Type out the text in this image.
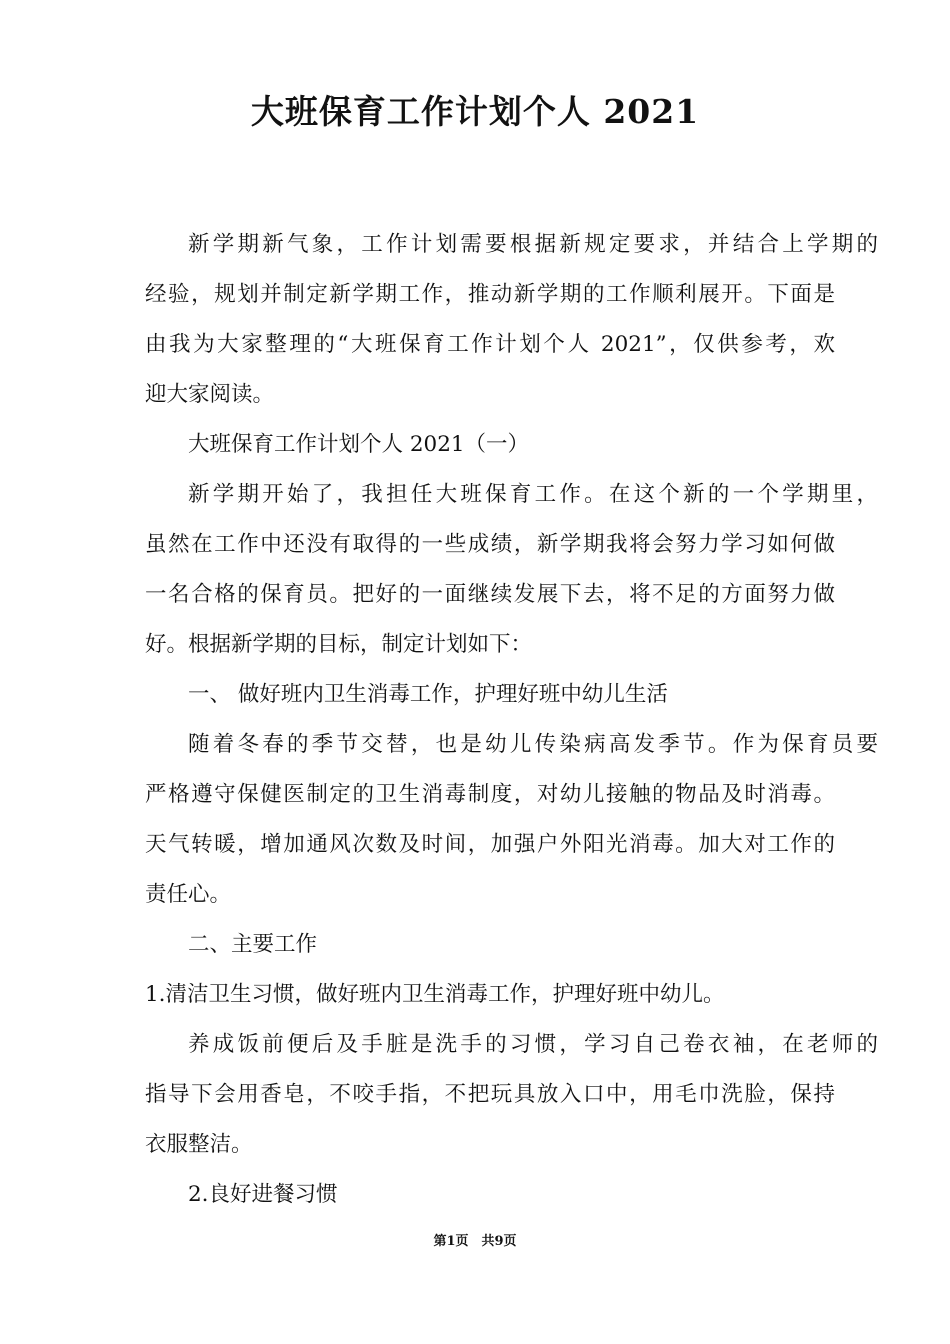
大班保育工作计划个人 2021

新学期新气象，工作计划需要根据新规定要求，并结合上学期的

经验，规划并制定新学期工作，推动新学期的工作顺利展开。下面是

由我为大家整理的“大班保育工作计划个人 2021”，仅供参考，欢

迎大家阅读。

大班保育工作计划个人 2021（一）

新学期开始了，我担任大班保育工作。在这个新的一个学期里，

虽然在工作中还没有取得的一些成绩，新学期我将会努力学习如何做

一名合格的保育员。把好的一面继续发展下去，将不足的方面努力做

好。根据新学期的目标，制定计划如下：

一、 做好班内卫生消毒工作，护理好班中幼儿生活

随着冬春的季节交替，也是幼儿传染病高发季节。作为保育员要

严格遵守保健医制定的卫生消毒制度，对幼儿接触的物品及时消毒。

天气转暖，增加通风次数及时间，加强户外阳光消毒。加大对工作的

责任心。

二、主要工作

1.清洁卫生习惯，做好班内卫生消毒工作，护理好班中幼儿。

养成饭前便后及手脏是洗手的习惯，学习自己卷衣袖，在老师的

指导下会用香皂，不咬手指，不把玩具放入口中，用毛巾洗脸，保持

衣服整洁。

2.良好进餐习惯

第1页　共9页
